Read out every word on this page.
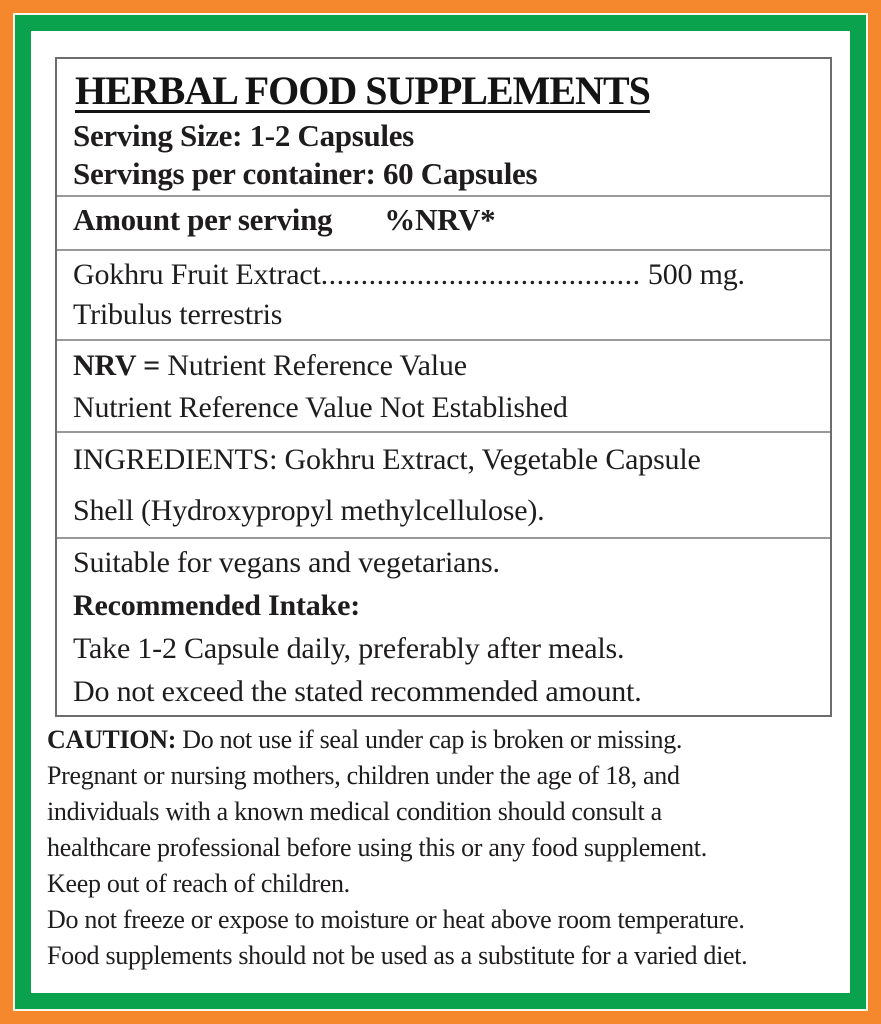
HERBAL FOOD SUPPLEMENTS
Serving Size: 1-2 Capsules
Servings per container: 60 Capsules
Amount per serving %NRV*
Gokhru Fruit Extract........................................ 500 mg.
Tribulus terrestris
NRV = Nutrient Reference Value
Nutrient Reference Value Not Established
INGREDIENTS: Gokhru Extract, Vegetable Capsule
Shell (Hydroxypropyl methylcellulose).
Suitable for vegans and vegetarians.
Recommended Intake:
Take 1-2 Capsule daily, preferably after meals.
Do not exceed the stated recommended amount.
CAUTION: Do not use if seal under cap is broken or missing.
Pregnant or nursing mothers, children under the age of 18, and
individuals with a known medical condition should consult a
healthcare professional before using this or any food supplement.
Keep out of reach of children.
Do not freeze or expose to moisture or heat above room temperature.
Food supplements should not be used as a substitute for a varied diet.
